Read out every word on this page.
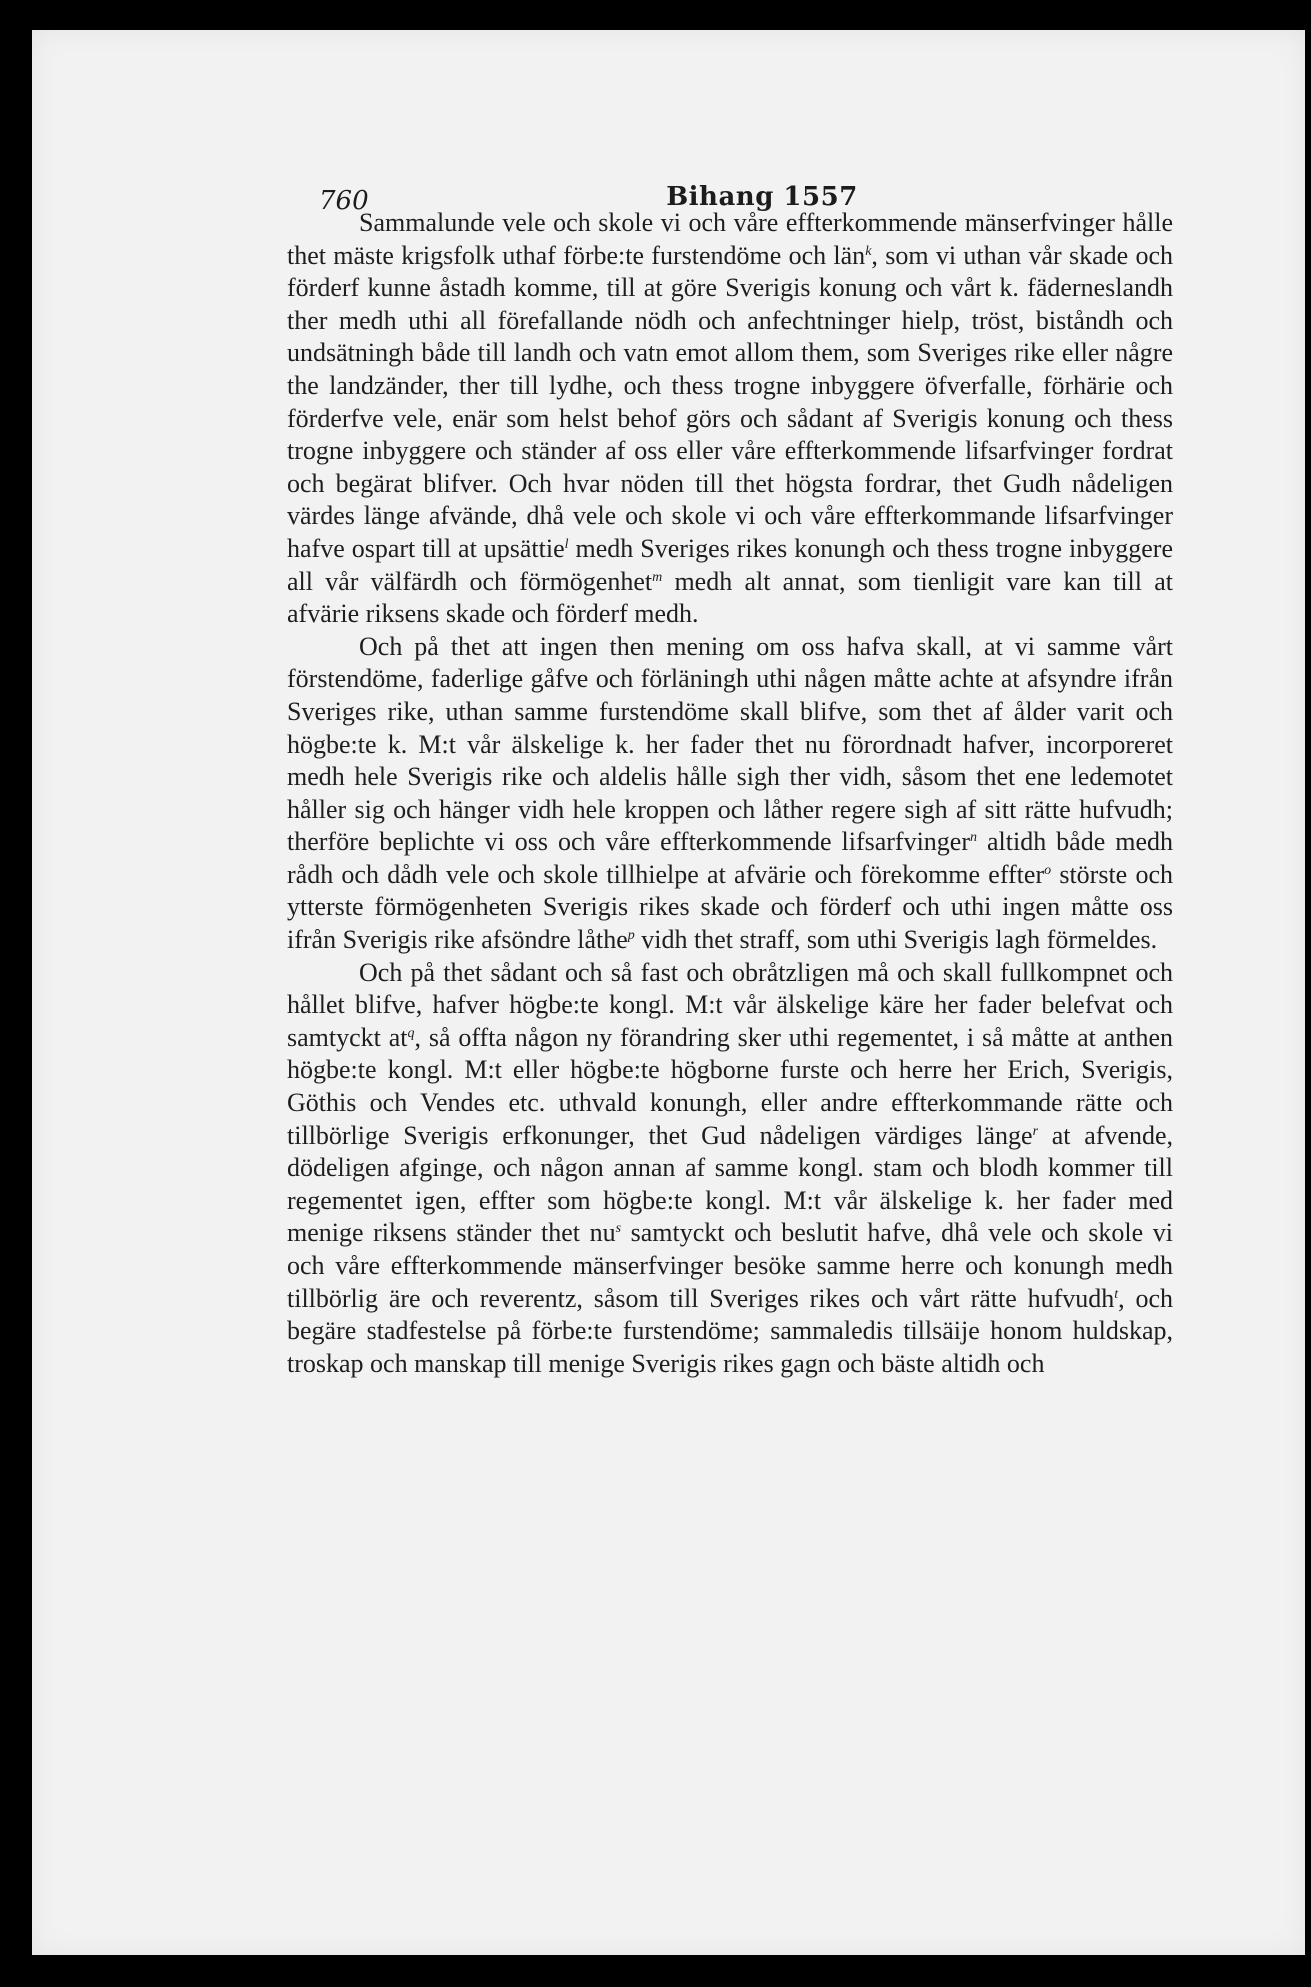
760	Bihang 1557

Sammalunde vele och skole vi och våre effterkommende mänserfvinger hålle thet mäste krigsfolk uthaf förbe:te furstendöme och län$^k$, som vi uthan vår skade och förderf kunne åstadh komme, till at göre Sverigis konung och vårt k. fäderneslandh ther medh uthi all förefallande nödh och anfechtninger hielp, tröst, biståndh och undsätningh både till landh och vatn emot allom them, som Sveriges rike eller någre the landzänder, ther till lydhe, och thess trogne inbyggere öfverfalle, förhärie och förderfve vele, enär som helst behof görs och sådant af Sverigis konung och thess trogne inbyggere och ständer af oss eller våre effterkommende lifsarfvinger fordrat och begärat blifver. Och hvar nöden till thet högsta fordrar, thet Gudh nådeligen värdes länge afvände, dhå vele och skole vi och våre effterkommande lifsarfvinger hafve ospart till at upsättie$^l$ medh Sveriges rikes konungh och thess trogne inbyggere all vår välfärdh och förmögenhet$^m$ medh alt annat, som tienligit vare kan till at afvärie riksens skade och förderf medh.

Och på thet att ingen then mening om oss hafva skall, at vi samme vårt förstendöme, faderlige gåfve och förläningh uthi någen måtte achte at afsyndre ifrån Sveriges rike, uthan samme furstendöme skall blifve, som thet af ålder varit och högbe:te k. M:t vår älskelige k. her fader thet nu förordnadt hafver, incorporeret medh hele Sverigis rike och aldelis hålle sigh ther vidh, såsom thet ene ledemotet håller sig och hänger vidh hele kroppen och låther regere sigh af sitt rätte hufvudh; therföre beplichte vi oss och våre effterkommende lifsarfvinger$^n$ altidh både medh rådh och dådh vele och skole tillhielpe at afvärie och förekomme effter$^o$ störste och ytterste förmögenheten Sverigis rikes skade och förderf och uthi ingen måtte oss ifrån Sverigis rike afsöndre låthe$^p$ vidh thet straff, som uthi Sverigis lagh förmeldes.

Och på thet sådant och så fast och obråtzligen må och skall fullkompnet och hållet blifve, hafver högbe:te kongl. M:t vår älskelige käre her fader belefvat och samtyckt at$^q$, så offta någon ny förandring sker uthi regementet, i så måtte at anthen högbe:te kongl. M:t eller högbe:te högborne furste och herre her Erich, Sverigis, Göthis och Vendes etc. uthvald konungh, eller andre effterkommande rätte och tillbörlige Sverigis erfkonunger, thet Gud nådeligen värdiges länge$^r$ at afvende, dödeligen afginge, och någon annan af samme kongl. stam och blodh kommer till regementet igen, effter som högbe:te kongl. M:t vår älskelige k. her fader med menige riksens ständer thet nu$^s$ samtyckt och beslutit hafve, dhå vele och skole vi och våre effterkommende mänserfvinger besöke samme herre och konungh medh tillbörlig äre och reverentz, såsom till Sveriges rikes och vårt rätte hufvudh$^t$, och begäre stadfestelse på förbe:te furstendöme; sammaledis tillsäije honom huldskap, troskap och manskap till menige Sverigis rikes gagn och bäste altidh och
